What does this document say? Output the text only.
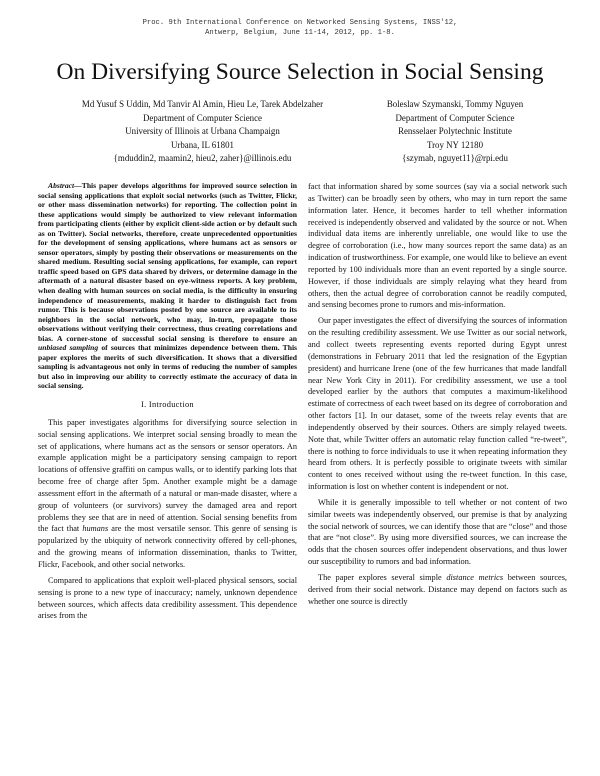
Proc. 9th International Conference on Networked Sensing Systems, INSS'12,
Antwerp, Belgium, June 11-14, 2012, pp. 1-8.
On Diversifying Source Selection in Social Sensing
Md Yusuf S Uddin, Md Tanvir Al Amin, Hieu Le, Tarek Abdelzaher
Department of Computer Science
University of Illinois at Urbana Champaign
Urbana, IL 61801
{mduddin2, maamin2, hieu2, zaher}@illinois.edu
Boleslaw Szymanski, Tommy Nguyen
Department of Computer Science
Rensselaer Polytechnic Institute
Troy NY 12180
{szymab, nguyet11}@rpi.edu

Abstract—This paper develops algorithms for improved source selection in social sensing applications that exploit social networks (such as Twitter, Flickr, or other mass dissemination networks) for reporting. The collection point in these applications would simply be authorized to view relevant information from participating clients (either by explicit client-side action or by default such as on Twitter). Social networks, therefore, create unprecedented opportunities for the development of sensing applications, where humans act as sensors or sensor operators, simply by posting their observations or measurements on the shared medium. Resulting social sensing applications, for example, can report traffic speed based on GPS data shared by drivers, or determine damage in the aftermath of a natural disaster based on eye-witness reports. A key problem, when dealing with human sources on social media, is the difficulty in ensuring independence of measurements, making it harder to distinguish fact from rumor. This is because observations posted by one source are available to its neighbors in the social network, who may, in-turn, propagate those observations without verifying their correctness, thus creating correlations and bias. A corner-stone of successful social sensing is therefore to ensure an unbiased sampling of sources that minimizes dependence between them. This paper explores the merits of such diversification. It shows that a diversified sampling is advantageous not only in terms of reducing the number of samples but also in improving our ability to correctly estimate the accuracy of data in social sensing.

I. Introduction

This paper investigates algorithms for diversifying source selection in social sensing applications. We interpret social sensing broadly to mean the set of applications, where humans act as the sensors or sensor operators. An example application might be a participatory sensing campaign to report locations of offensive graffiti on campus walls, or to identify parking lots that become free of charge after 5pm. Another example might be a damage assessment effort in the aftermath of a natural or man-made disaster, where a group of volunteers (or survivors) survey the damaged area and report problems they see that are in need of attention. Social sensing benefits from the fact that humans are the most versatile sensor. This genre of sensing is popularized by the ubiquity of network connectivity offered by cell-phones, and the growing means of information dissemination, thanks to Twitter, Flickr, Facebook, and other social networks.

Compared to applications that exploit well-placed physical sensors, social sensing is prone to a new type of inaccuracy; namely, unknown dependence between sources, which affects data credibility assessment. This dependence arises from the

fact that information shared by some sources (say via a social network such as Twitter) can be broadly seen by others, who may in turn report the same information later. Hence, it becomes harder to tell whether information received is independently observed and validated by the source or not. When individual data items are inherently unreliable, one would like to use the degree of corroboration (i.e., how many sources report the same data) as an indication of trustworthiness. For example, one would like to believe an event reported by 100 individuals more than an event reported by a single source. However, if those individuals are simply relaying what they heard from others, then the actual degree of corroboration cannot be readily computed, and sensing becomes prone to rumors and mis-information.

Our paper investigates the effect of diversifying the sources of information on the resulting credibility assessment. We use Twitter as our social network, and collect tweets representing events reported during Egypt unrest (demonstrations in February 2011 that led the resignation of the Egyptian president) and hurricane Irene (one of the few hurricanes that made landfall near New York City in 2011). For credibility assessment, we use a tool developed earlier by the authors that computes a maximum-likelihood estimate of correctness of each tweet based on its degree of corroboration and other factors [1]. In our dataset, some of the tweets relay events that are independently observed by their sources. Others are simply relayed tweets. Note that, while Twitter offers an automatic relay function called “re-tweet”, there is nothing to force individuals to use it when repeating information they heard from others. It is perfectly possible to originate tweets with similar content to ones received without using the re-tweet function. In this case, information is lost on whether content is independent or not.

While it is generally impossible to tell whether or not content of two similar tweets was independently observed, our premise is that by analyzing the social network of sources, we can identify those that are “close” and those that are “not close”. By using more diversified sources, we can increase the odds that the chosen sources offer independent observations, and thus lower our susceptibility to rumors and bad information.

The paper explores several simple distance metrics between sources, derived from their social network. Distance may depend on factors such as whether one source is directly
